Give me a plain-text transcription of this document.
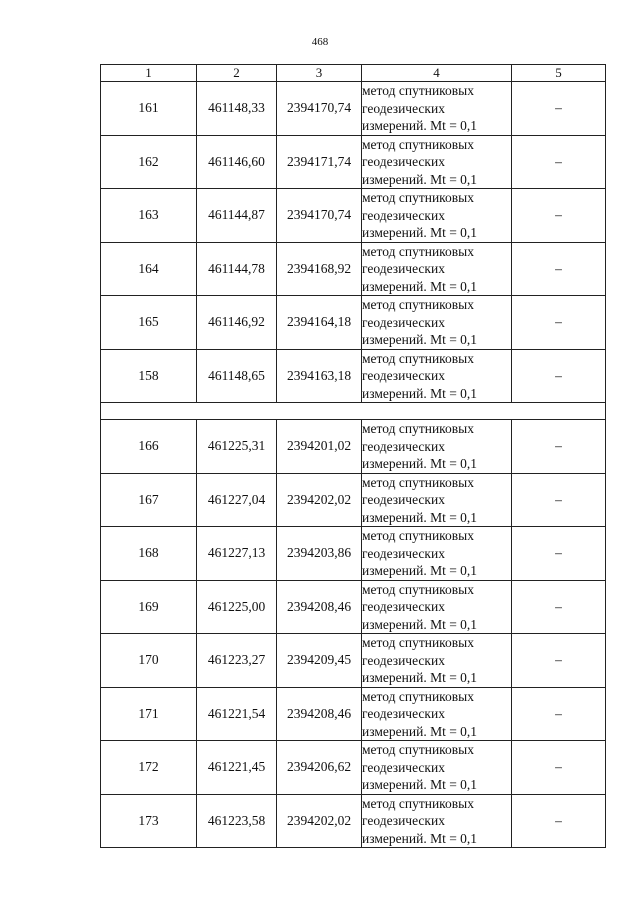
468
1	2	3	4	5
161	461148,33	2394170,74	метод спутниковых геодезических измерений. Mt = 0,1	–
162	461146,60	2394171,74	метод спутниковых геодезических измерений. Mt = 0,1	–
163	461144,87	2394170,74	метод спутниковых геодезических измерений. Mt = 0,1	–
164	461144,78	2394168,92	метод спутниковых геодезических измерений. Mt = 0,1	–
165	461146,92	2394164,18	метод спутниковых геодезических измерений. Mt = 0,1	–
158	461148,65	2394163,18	метод спутниковых геодезических измерений. Mt = 0,1	–

166	461225,31	2394201,02	метод спутниковых геодезических измерений. Mt = 0,1	–
167	461227,04	2394202,02	метод спутниковых геодезических измерений. Mt = 0,1	–
168	461227,13	2394203,86	метод спутниковых геодезических измерений. Mt = 0,1	–
169	461225,00	2394208,46	метод спутниковых геодезических измерений. Mt = 0,1	–
170	461223,27	2394209,45	метод спутниковых геодезических измерений. Mt = 0,1	–
171	461221,54	2394208,46	метод спутниковых геодезических измерений. Mt = 0,1	–
172	461221,45	2394206,62	метод спутниковых геодезических измерений. Mt = 0,1	–
173	461223,58	2394202,02	метод спутниковых геодезических измерений. Mt = 0,1	–
